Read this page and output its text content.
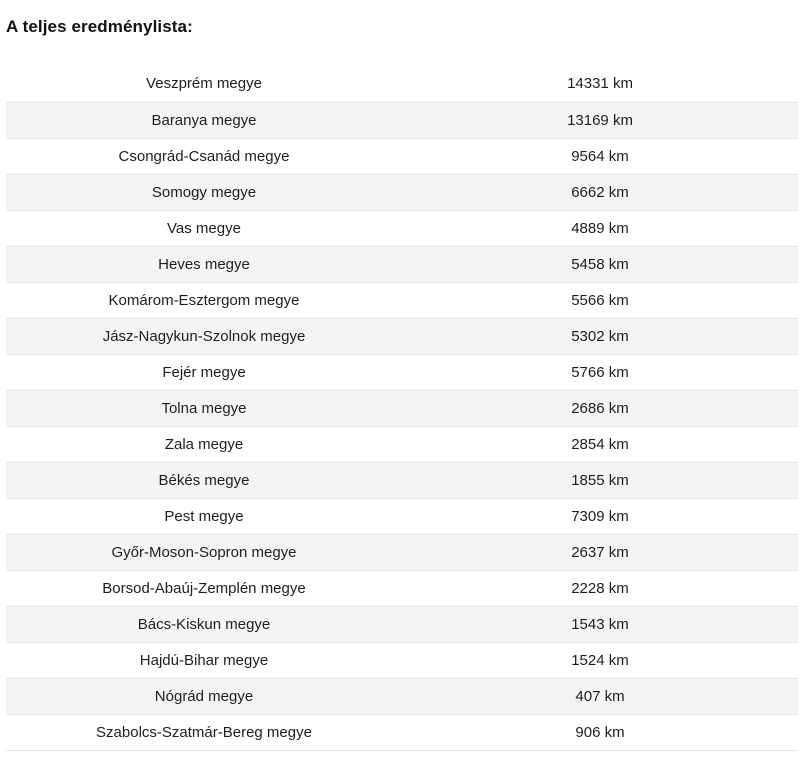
A teljes eredménylista:
Veszprém megye	14331 km
Baranya megye	13169 km
Csongrád-Csanád megye	9564 km
Somogy megye	6662 km
Vas megye	4889 km
Heves megye	5458 km
Komárom-Esztergom megye	5566 km
Jász-Nagykun-Szolnok megye	5302 km
Fejér megye	5766 km
Tolna megye	2686 km
Zala megye	2854 km
Békés megye	1855 km
Pest megye	7309 km
Győr-Moson-Sopron megye	2637 km
Borsod-Abaúj-Zemplén megye	2228 km
Bács-Kiskun megye	1543 km
Hajdú-Bihar megye	1524 km
Nógrád megye	407 km
Szabolcs-Szatmár-Bereg megye	906 km
